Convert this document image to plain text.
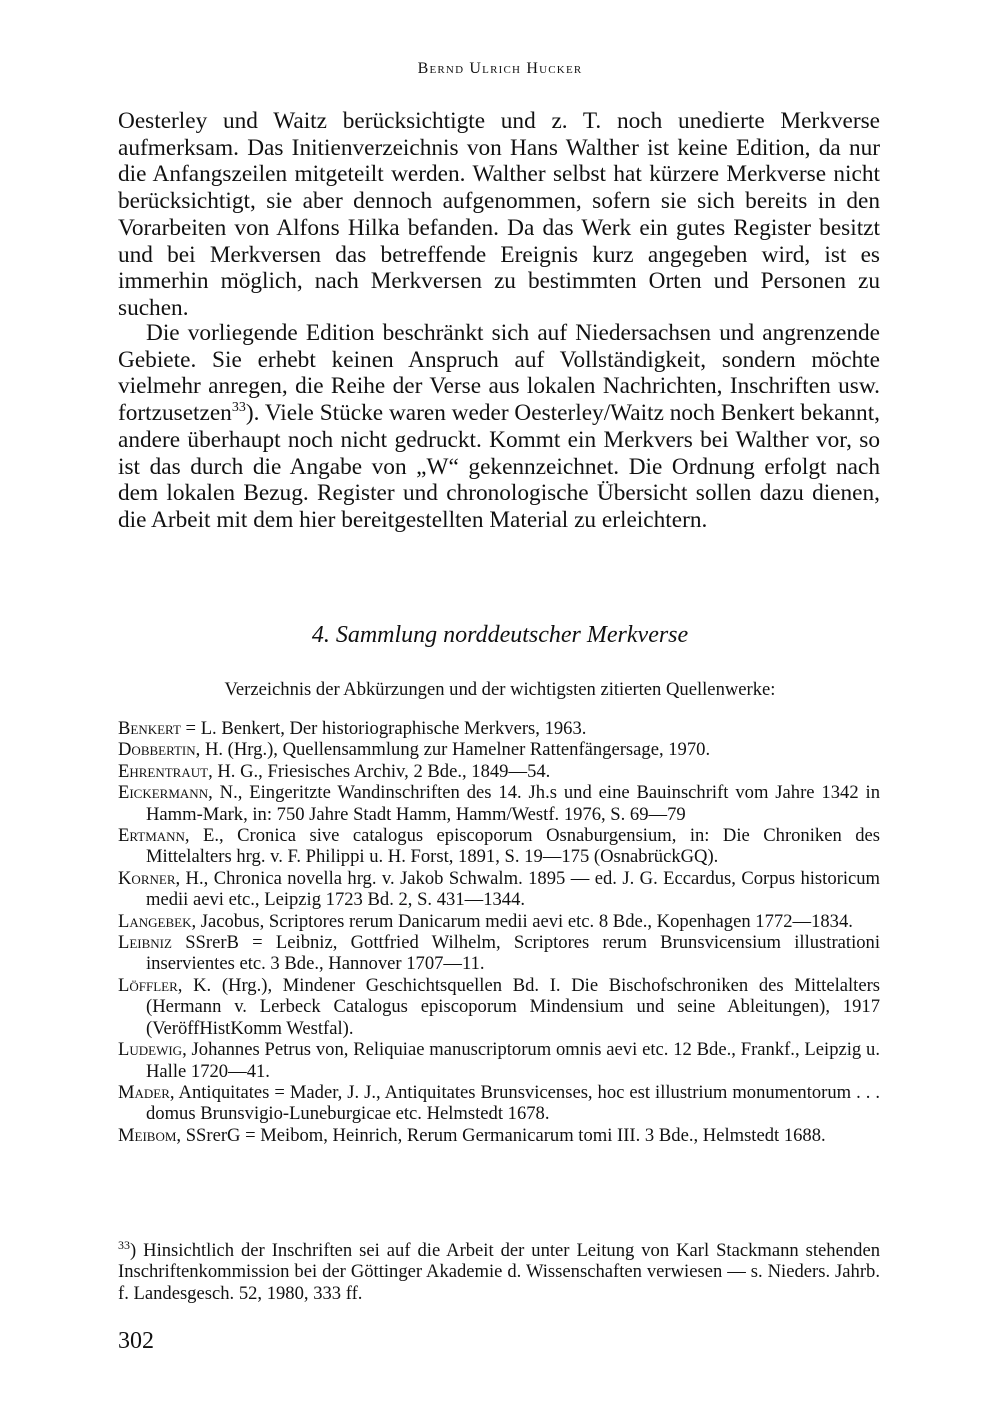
Bernd Ulrich Hucker

Oesterley und Waitz berücksichtigte und z. T. noch unedierte Merkverse aufmerksam. Das Initienverzeichnis von Hans Walther ist keine Edition, da nur die Anfangszeilen mitgeteilt werden. Walther selbst hat kürzere Merkverse nicht berücksichtigt, sie aber dennoch aufgenommen, sofern sie sich bereits in den Vorarbeiten von Alfons Hilka befanden. Da das Werk ein gutes Register besitzt und bei Merkversen das betreffende Ereignis kurz angegeben wird, ist es immerhin möglich, nach Merkversen zu bestimmten Orten und Personen zu suchen.

Die vorliegende Edition beschränkt sich auf Niedersachsen und angrenzende Gebiete. Sie erhebt keinen Anspruch auf Vollständigkeit, sondern möchte vielmehr anregen, die Reihe der Verse aus lokalen Nachrichten, Inschriften usw. fortzusetzen$^{33}$). Viele Stücke waren weder Oesterley/Waitz noch Benkert bekannt, andere überhaupt noch nicht gedruckt. Kommt ein Merkvers bei Walther vor, so ist das durch die Angabe von „W“ gekennzeichnet. Die Ordnung erfolgt nach dem lokalen Bezug. Register und chronologische Übersicht sollen dazu dienen, die Arbeit mit dem hier bereitgestellten Material zu erleichtern.

4. Sammlung norddeutscher Merkverse
Verzeichnis der Abkürzungen und der wichtigsten zitierten Quellenwerke:

Benkert = L. Benkert, Der historiographische Merkvers, 1963.

Dobbertin, H. (Hrg.), Quellensammlung zur Hamelner Rattenfängersage, 1970.

Ehrentraut, H. G., Friesisches Archiv, 2 Bde., 1849—54.

Eickermann, N., Eingeritzte Wandinschriften des 14. Jh.s und eine Bauinschrift vom Jahre 1342 in Hamm-Mark, in: 750 Jahre Stadt Hamm, Hamm/Westf. 1976, S. 69—79

Ertmann, E., Cronica sive catalogus episcoporum Osnaburgensium, in: Die Chroniken des Mittelalters hrg. v. F. Philippi u. H. Forst, 1891, S. 19—175 (OsnabrückGQ).

Korner, H., Chronica novella hrg. v. Jakob Schwalm. 1895 — ed. J. G. Eccardus, Corpus historicum medii aevi etc., Leipzig 1723 Bd. 2, S. 431—1344.

Langebek, Jacobus, Scriptores rerum Danicarum medii aevi etc. 8 Bde., Kopenhagen 1772—1834.

Leibniz SSrerB = Leibniz, Gottfried Wilhelm, Scriptores rerum Brunsvicensium illustrationi inservientes etc. 3 Bde., Hannover 1707—11.

Löffler, K. (Hrg.), Mindener Geschichtsquellen Bd. I. Die Bischofschroniken des Mittelalters (Hermann v. Lerbeck Catalogus episcoporum Mindensium und seine Ableitungen), 1917 (VeröffHistKomm Westfal).

Ludewig, Johannes Petrus von, Reliquiae manuscriptorum omnis aevi etc. 12 Bde., Frankf., Leipzig u. Halle 1720—41.

Mader, Antiquitates = Mader, J. J., Antiquitates Brunsvicenses, hoc est illustrium monumentorum . . . domus Brunsvigio-Luneburgicae etc. Helmstedt 1678.

Meibom, SSrerG = Meibom, Heinrich, Rerum Germanicarum tomi III. 3 Bde., Helmstedt 1688.

$^{33}$) Hinsichtlich der Inschriften sei auf die Arbeit der unter Leitung von Karl Stackmann stehenden Inschriftenkommission bei der Göttinger Akademie d. Wissenschaften verwiesen — s. Nieders. Jahrb. f. Landesgesch. 52, 1980, 333 ff.
302
